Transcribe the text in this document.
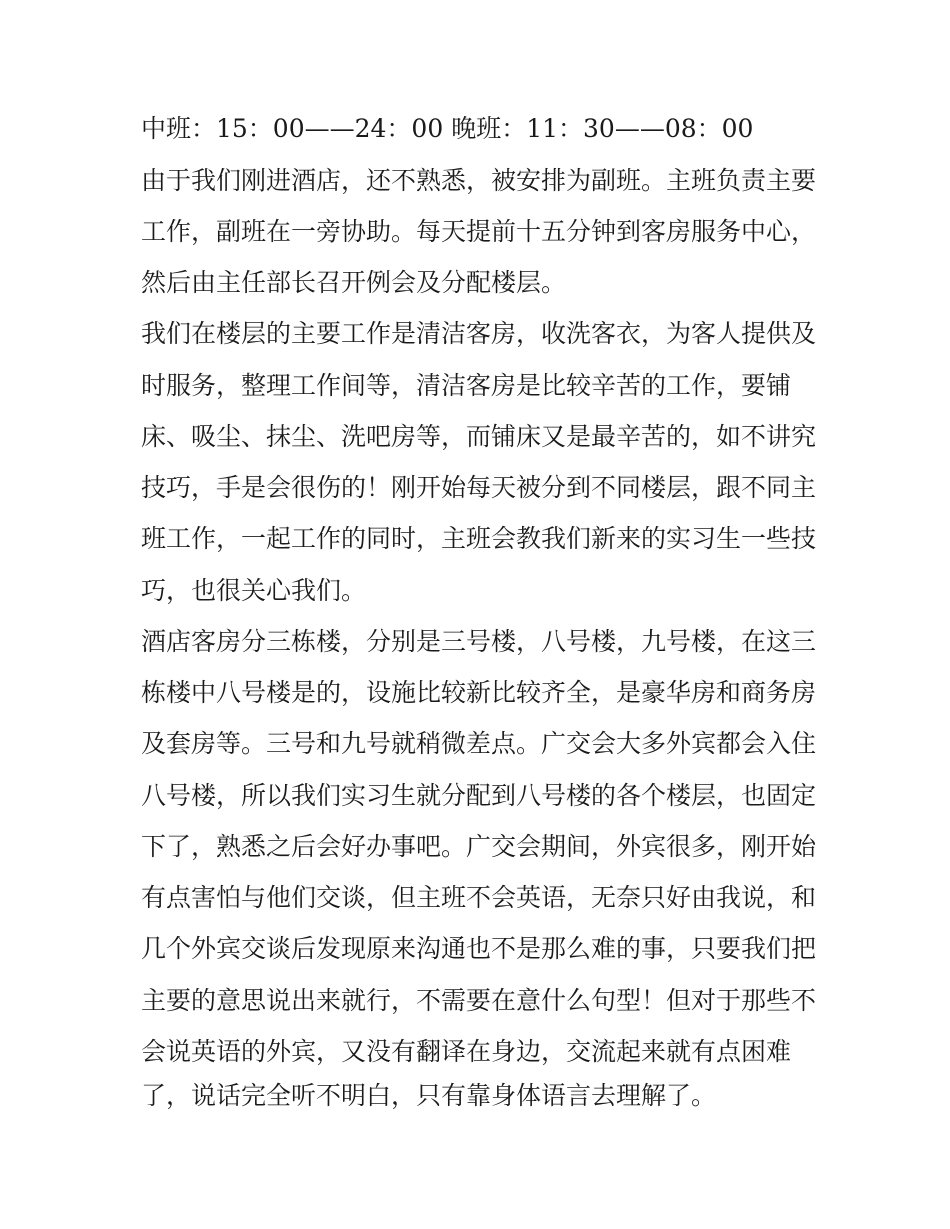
中班：15：00——24：00 晚班：11：30——08：00

由于我们刚进酒店，还不熟悉，被安排为副班。主班负责主要

工作，副班在一旁协助。每天提前十五分钟到客房服务中心，

然后由主任部长召开例会及分配楼层。

我们在楼层的主要工作是清洁客房，收洗客衣，为客人提供及

时服务，整理工作间等，清洁客房是比较辛苦的工作，要铺

床、吸尘、抹尘、洗吧房等，而铺床又是最辛苦的，如不讲究

技巧，手是会很伤的！刚开始每天被分到不同楼层，跟不同主

班工作，一起工作的同时，主班会教我们新来的实习生一些技

巧，也很关心我们。

酒店客房分三栋楼，分别是三号楼，八号楼，九号楼，在这三

栋楼中八号楼是的，设施比较新比较齐全，是豪华房和商务房

及套房等。三号和九号就稍微差点。广交会大多外宾都会入住

八号楼，所以我们实习生就分配到八号楼的各个楼层，也固定

下了，熟悉之后会好办事吧。广交会期间，外宾很多，刚开始

有点害怕与他们交谈，但主班不会英语，无奈只好由我说，和

几个外宾交谈后发现原来沟通也不是那么难的事，只要我们把

主要的意思说出来就行，不需要在意什么句型！但对于那些不

会说英语的外宾，又没有翻译在身边，交流起来就有点困难

了，说话完全听不明白，只有靠身体语言去理解了。
